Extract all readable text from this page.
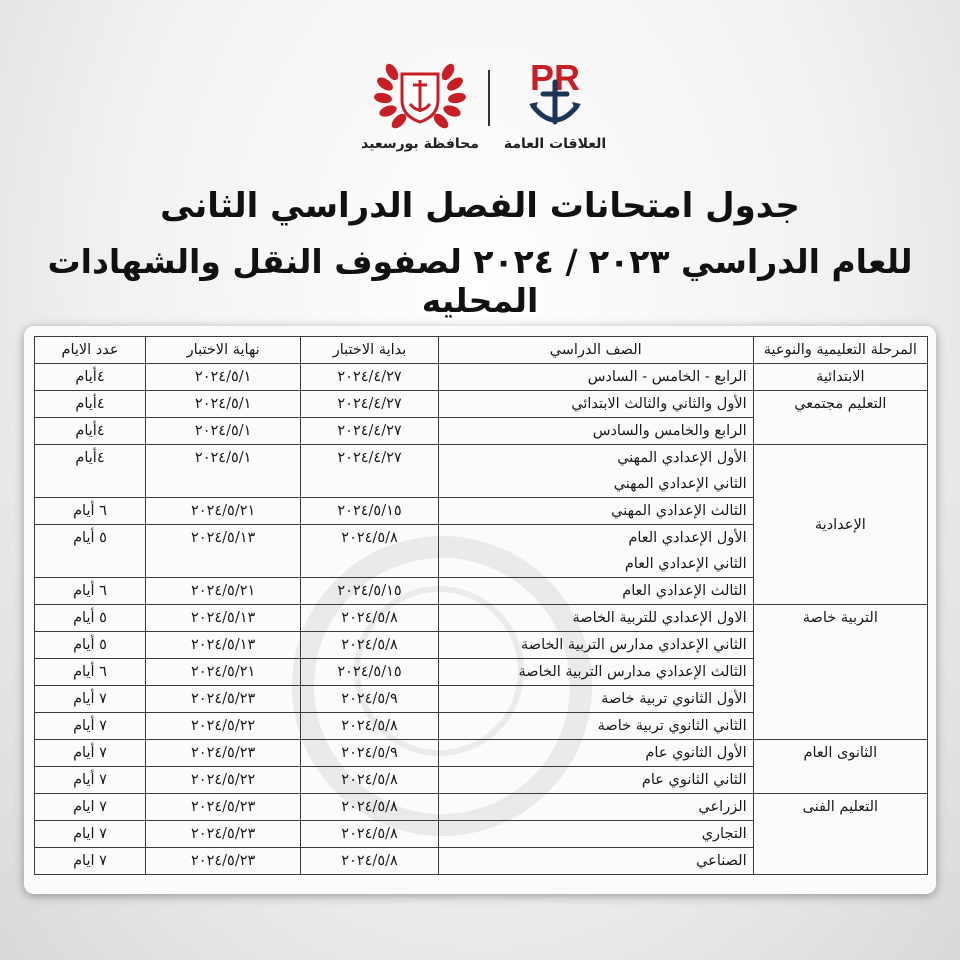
محافظة بورسعيد
PR
العلاقات العامة
جدول امتحانات الفصل الدراسي الثانى
للعام الدراسي ٢٠٢٣ / ٢٠٢٤ لصفوف النقل والشهادات المحليه
المرحلة التعليمية والنوعية	الصف الدراسي	بداية الاختبار	نهاية الاختبار	عدد الايام
الابتدائية	الرابع - الخامس - السادس	٢٠٢٤/٤/٢٧	٢٠٢٤/٥/١	٤أيام
التعليم مجتمعي	الأول والثاني والثالث الابتدائي	٢٠٢٤/٤/٢٧	٢٠٢٤/٥/١	٤أيام
	الرابع والخامس والسادس	٢٠٢٤/٤/٢٧	٢٠٢٤/٥/١	٤أيام
الإعدادية	الأول الإعدادي المهني
الثاني الإعدادي المهني	٢٠٢٤/٤/٢٧	٢٠٢٤/٥/١	٤أيام
	الثالث الإعدادي المهني	٢٠٢٤/٥/١٥	٢٠٢٤/٥/٢١	٦ أيام

	الأول الإعدادي العام
الثاني الإعدادي العام	٢٠٢٤/٥/٨	٢٠٢٤/٥/١٣	٥ أيام
	الثالث الإعدادي العام	٢٠٢٤/٥/١٥	٢٠٢٤/٥/٢١	٦ أيام
التربية خاصة	الاول الإعدادي للتربية الخاصة	٢٠٢٤/٥/٨	٢٠٢٤/٥/١٣	٥ أيام
	الثاني الإعدادي مدارس التربية الخاصة	٢٠٢٤/٥/٨	٢٠٢٤/٥/١٣	٥ أيام
	الثالث الإعدادي مدارس التربية الخاصة	٢٠٢٤/٥/١٥	٢٠٢٤/٥/٢١	٦ أيام
	الأول الثانوي تربية خاصة	٢٠٢٤/٥/٩	٢٠٢٤/٥/٢٣	٧ أيام
	الثاني الثانوي تربية خاصة	٢٠٢٤/٥/٨	٢٠٢٤/٥/٢٢	٧ أيام
الثانوى العام	الأول الثانوي عام	٢٠٢٤/٥/٩	٢٠٢٤/٥/٢٣	٧ أيام
	الثاني الثانوي عام	٢٠٢٤/٥/٨	٢٠٢٤/٥/٢٢	٧ أيام
التعليم الفنى	الزراعي	٢٠٢٤/٥/٨	٢٠٢٤/٥/٢٣	٧ ايام
	التجاري	٢٠٢٤/٥/٨	٢٠٢٤/٥/٢٣	٧ ايام
	الصناعي	٢٠٢٤/٥/٨	٢٠٢٤/٥/٢٣	٧ ايام
